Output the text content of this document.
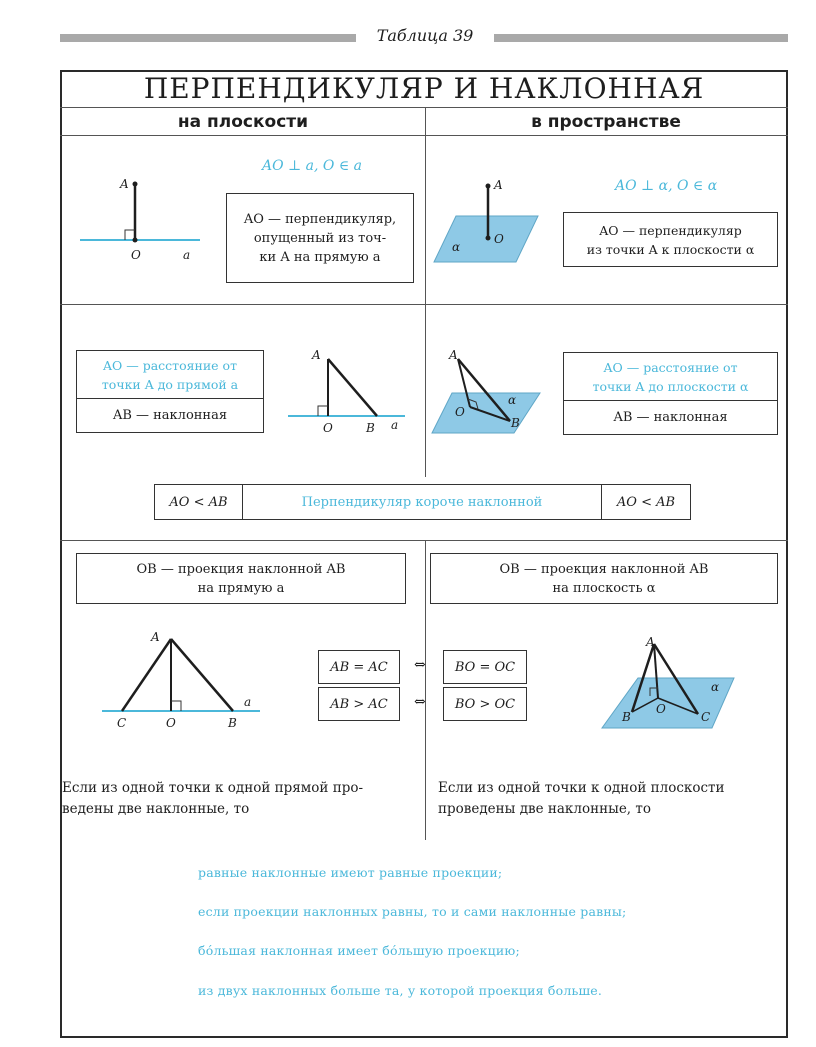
Таблица 39
ПЕРПЕНДИКУЛЯР И НАКЛОННАЯ
на плоскости	в пространстве
AO ⊥ a, O ∈ a
A
O	a
AO — перпендикуляр,
опущенный из точ-
ки A на прямую a
AO ⊥ α, O ∈ α
A
O
α
AO — перпендикуляр
из точки A к плоскости α
AO — расстояние от
точки A до прямой a
AB — наклонная
A
O	B a
A
O
B
α
AO — расстояние от
точки A до плоскости α
AB — наклонная
AO < AB	Перпендикуляр короче наклонной	AO < AB
OB — проекция наклонной AB
на прямую a
OB — проекция наклонной AB
на плоскость α
A
C	O	B
a
AB = AC	⇔	BO = OC
AB > AC	⇔	BO > OC
A
B
O
C
α
Если из одной точки к одной прямой про-
ведены две наклонные, то
Если из одной точки к одной плоскости
проведены две наклонные, то
равные наклонные имеют равные проекции;
если проекции наклонных равны, то и сами наклонные равны;
бóльшая наклонная имеет бóльшую проекцию;
из двух наклонных больше та, у которой проекция больше.
